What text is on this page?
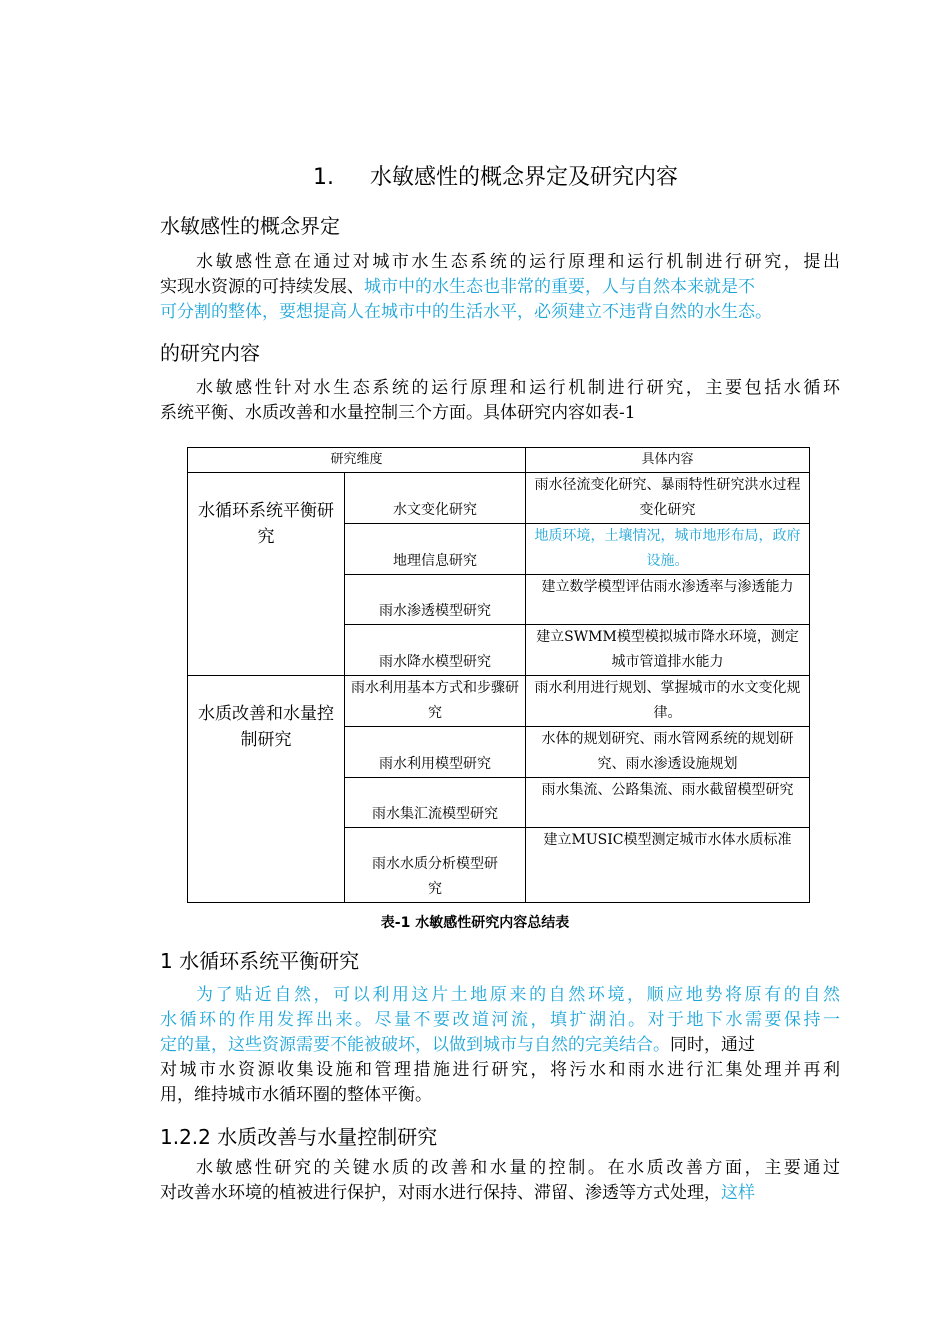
1. 水敏感性的概念界定及研究内容
水敏感性的概念界定
水敏感性意在通过对城市水生态系统的运行原理和运行机制进行研究，提出
实现水资源的可持续发展、城市中的水生态也非常的重要，人与自然本来就是不
可分割的整体，要想提高人在城市中的生活水平，必须建立不违背自然的水生态。
的研究内容
水敏感性针对水生态系统的运行原理和运行机制进行研究，主要包括水循环
系统平衡、水质改善和水量控制三个方面。具体研究内容如表-1
研究维度		具体内容
水循环系统平衡研究	水文变化研究	雨水径流变化研究、暴雨特性研究洪水过程变化研究
	地理信息研究	地质环境，土壤情况，城市地形布局，政府设施。
	雨水渗透模型研究	建立数学模型评估雨水渗透率与渗透能力
	雨水降水模型研究	建立SWMM模型模拟城市降水环境，测定城市管道排水能力
水质改善和水量控制研究	雨水利用基本方式和步骤研究	雨水利用进行规划、掌握城市的水文变化规律。
	雨水利用模型研究	水体的规划研究、雨水管网系统的规划研究、雨水渗透设施规划
	雨水集汇流模型研究	雨水集流、公路集流、雨水截留模型研究
	雨水水质分析模型研究	建立MUSIC模型测定城市水体水质标准
表-1 水敏感性研究内容总结表
1 水循环系统平衡研究
为了贴近自然，可以利用这片土地原来的自然环境，顺应地势将原有的自然
水循环的作用发挥出来。尽量不要改道河流，填扩湖泊。对于地下水需要保持一
定的量，这些资源需要不能被破坏，以做到城市与自然的完美结合。同时，通过
对城市水资源收集设施和管理措施进行研究，将污水和雨水进行汇集处理并再利
用，维持城市水循环圈的整体平衡。
1.2.2 水质改善与水量控制研究
水敏感性研究的关键水质的改善和水量的控制。在水质改善方面，主要通过
对改善水环境的植被进行保护，对雨水进行保持、滞留、渗透等方式处理，这样
